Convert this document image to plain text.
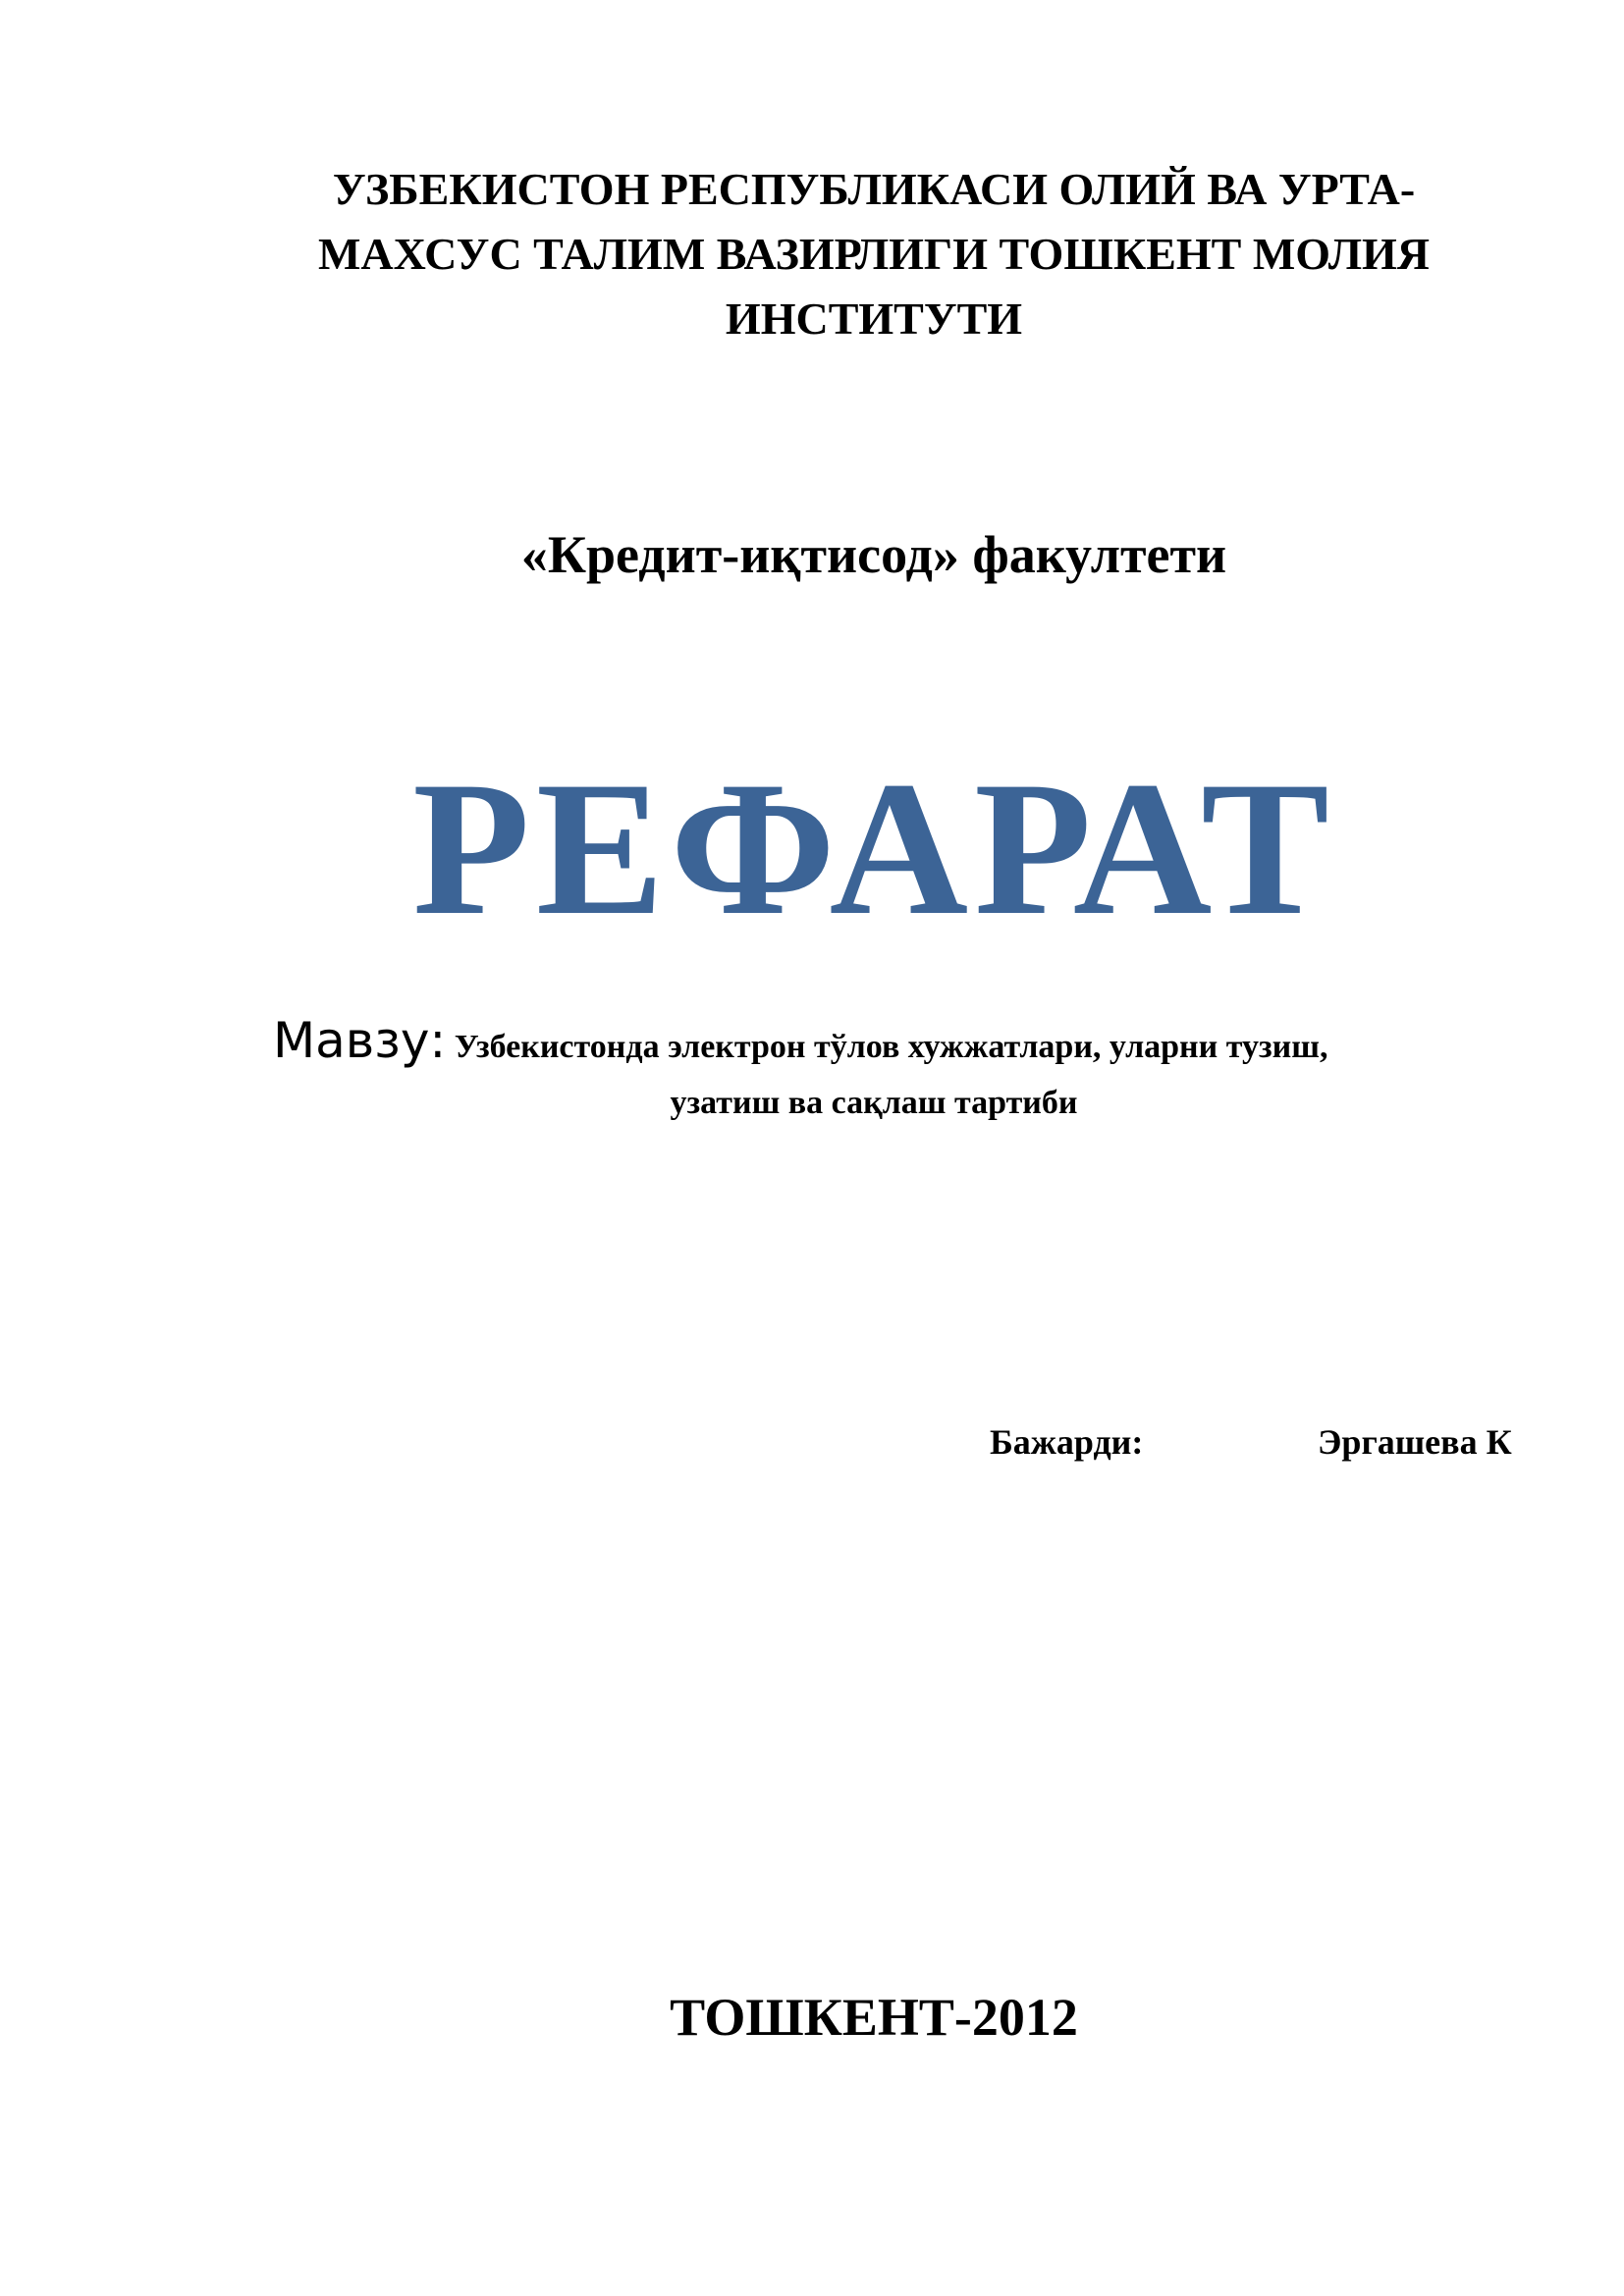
УЗБЕКИСТОН РЕСПУБЛИКАСИ ОЛИЙ ВА УРТА-
МАХСУС ТАЛИМ ВАЗИРЛИГИ ТОШКЕНТ МОЛИЯ
ИНСТИТУТИ
«Кредит-иқтисод» факултети
РЕФАРАТ
Мавзу: Узбекистонда электрон тўлов хужжатлари, уларни тузиш,
узатиш ва сақлаш тартиби
Бажарди:	Эргашева К
ТОШКЕНТ-2012
